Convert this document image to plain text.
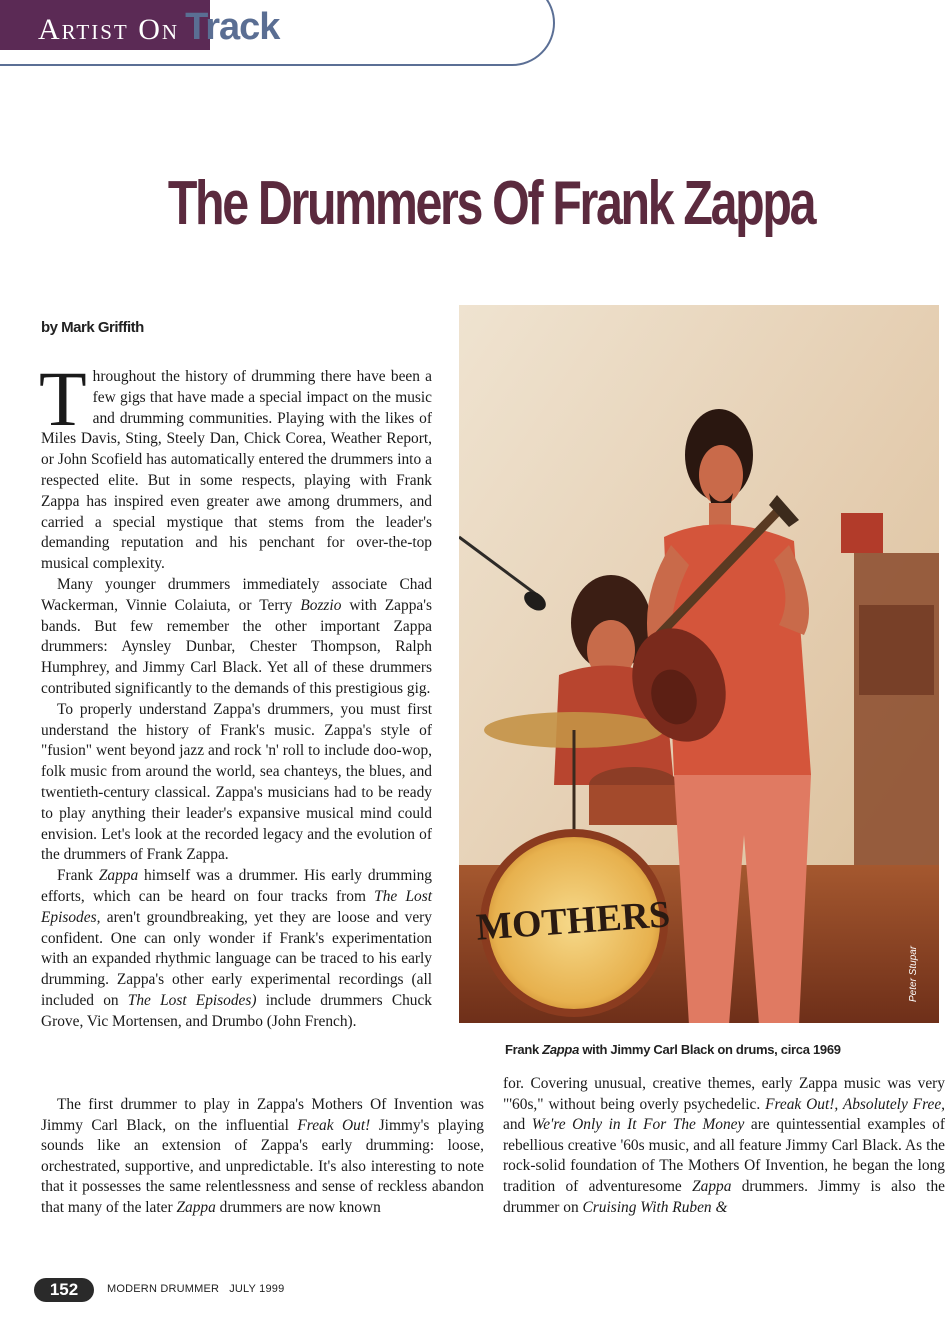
Artist On Track
The Drummers Of Frank Zappa
by Mark Griffith
T hroughout the history of drumming there have been a few gigs that have made a special impact on the music and drumming communities. Playing with the likes of Miles Davis, Sting, Steely Dan, Chick Corea, Weather Report, or John Scofield has automatically entered the drummers into a respected elite. But in some respects, playing with Frank Zappa has inspired even greater awe among drummers, and carried a special mystique that stems from the leader's demanding reputation and his penchant for over-the-top musical complexity.

Many younger drummers immediately associate Chad Wackerman, Vinnie Colaiuta, or Terry Bozzio with Zappa's bands. But few remember the other important Zappa drummers: Aynsley Dunbar, Chester Thompson, Ralph Humphrey, and Jimmy Carl Black. Yet all of these drummers contributed significantly to the demands of this prestigious gig.

To properly understand Zappa's drummers, you must first understand the history of Frank's music. Zappa's style of "fusion" went beyond jazz and rock 'n' roll to include doo-wop, folk music from around the world, sea chanteys, the blues, and twentieth-century classical. Zappa's musicians had to be ready to play anything their leader's expansive musical mind could envision. Let's look at the recorded legacy and the evolution of the drummers of Frank Zappa.

Frank Zappa himself was a drummer. His early drumming efforts, which can be heard on four tracks from The Lost Episodes, aren't groundbreaking, yet they are loose and very confident. One can only wonder if Frank's experimentation with an expanded rhythmic language can be traced to his early drumming. Zappa's other early experimental recordings (all included on The Lost Episodes) include drummers Chuck Grove, Vic Mortensen, and Drumbo (John French).

MOTHERS
Peter Stupar
Frank Zappa with Jimmy Carl Black on drums, circa 1969

The first drummer to play in Zappa's Mothers Of Invention was Jimmy Carl Black, on the influential Freak Out! Jimmy's playing sounds like an extension of Zappa's early drumming: loose, orchestrated, supportive, and unpredictable. It's also interesting to note that it possesses the same relentlessness and sense of reckless abandon that many of the later Zappa drummers are now known

for. Covering unusual, creative themes, early Zappa music was very "'60s," without being overly psychedelic. Freak Out!, Absolutely Free, and We're Only in It For The Money are quintessential examples of rebellious creative '60s music, and all feature Jimmy Carl Black. As the rock-solid foundation of The Mothers Of Invention, he began the long tradition of adventuresome Zappa drummers. Jimmy is also the drummer on Cruising With Ruben &

152	MODERN DRUMMER JULY 1999
